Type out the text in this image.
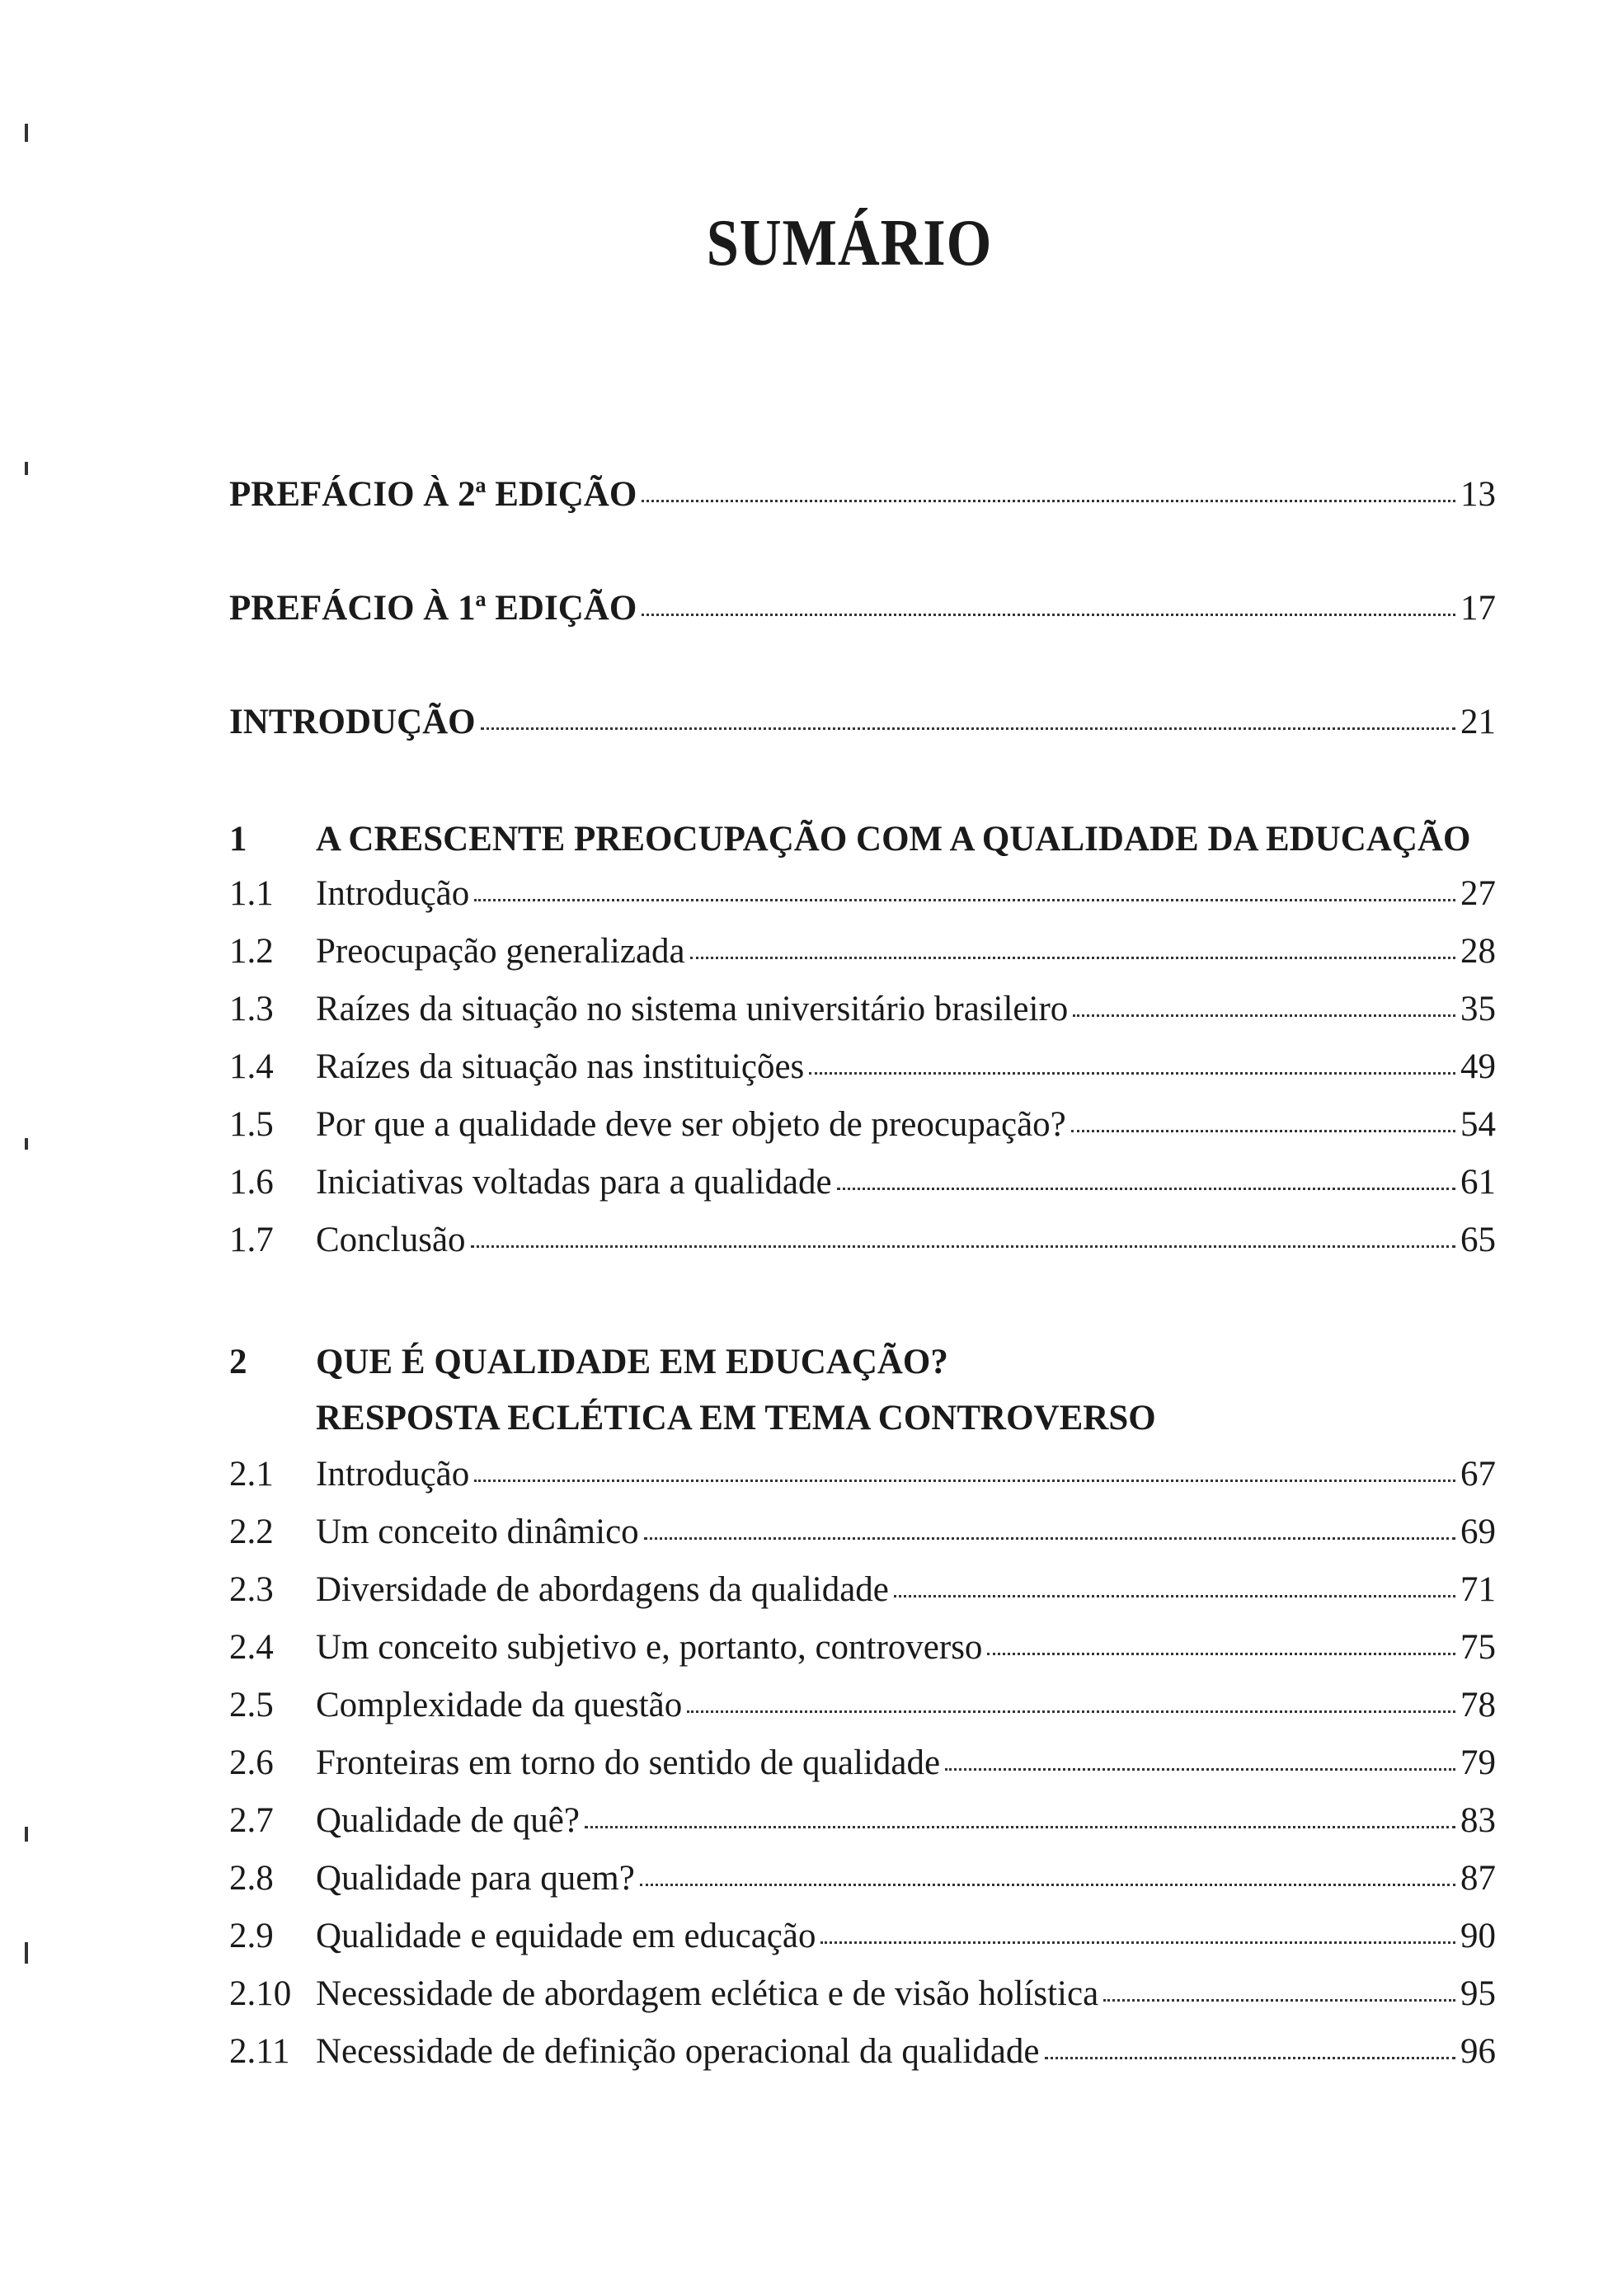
SUMÁRIO
PREFÁCIO À 2ª EDIÇÃO	13
PREFÁCIO À 1ª EDIÇÃO	17
INTRODUÇÃO	21
1	A CRESCENTE PREOCUPAÇÃO COM A QUALIDADE DA EDUCAÇÃO
1.1	Introdução	27
1.2	Preocupação generalizada	28
1.3	Raízes da situação no sistema universitário brasileiro	35
1.4	Raízes da situação nas instituições	49
1.5	Por que a qualidade deve ser objeto de preocupação?	54
1.6	Iniciativas voltadas para a qualidade	61
1.7	Conclusão	65
2	QUE É QUALIDADE EM EDUCAÇÃO?
RESPOSTA ECLÉTICA EM TEMA CONTROVERSO
2.1	Introdução	67
2.2	Um conceito dinâmico	69
2.3	Diversidade de abordagens da qualidade	71
2.4	Um conceito subjetivo e, portanto, controverso	75
2.5	Complexidade da questão	78
2.6	Fronteiras em torno do sentido de qualidade	79
2.7	Qualidade de quê?	83
2.8	Qualidade para quem?	87
2.9	Qualidade e equidade em educação	90
2.10 Necessidade de abordagem eclética e de visão holística	95
2.11 Necessidade de definição operacional da qualidade	96
